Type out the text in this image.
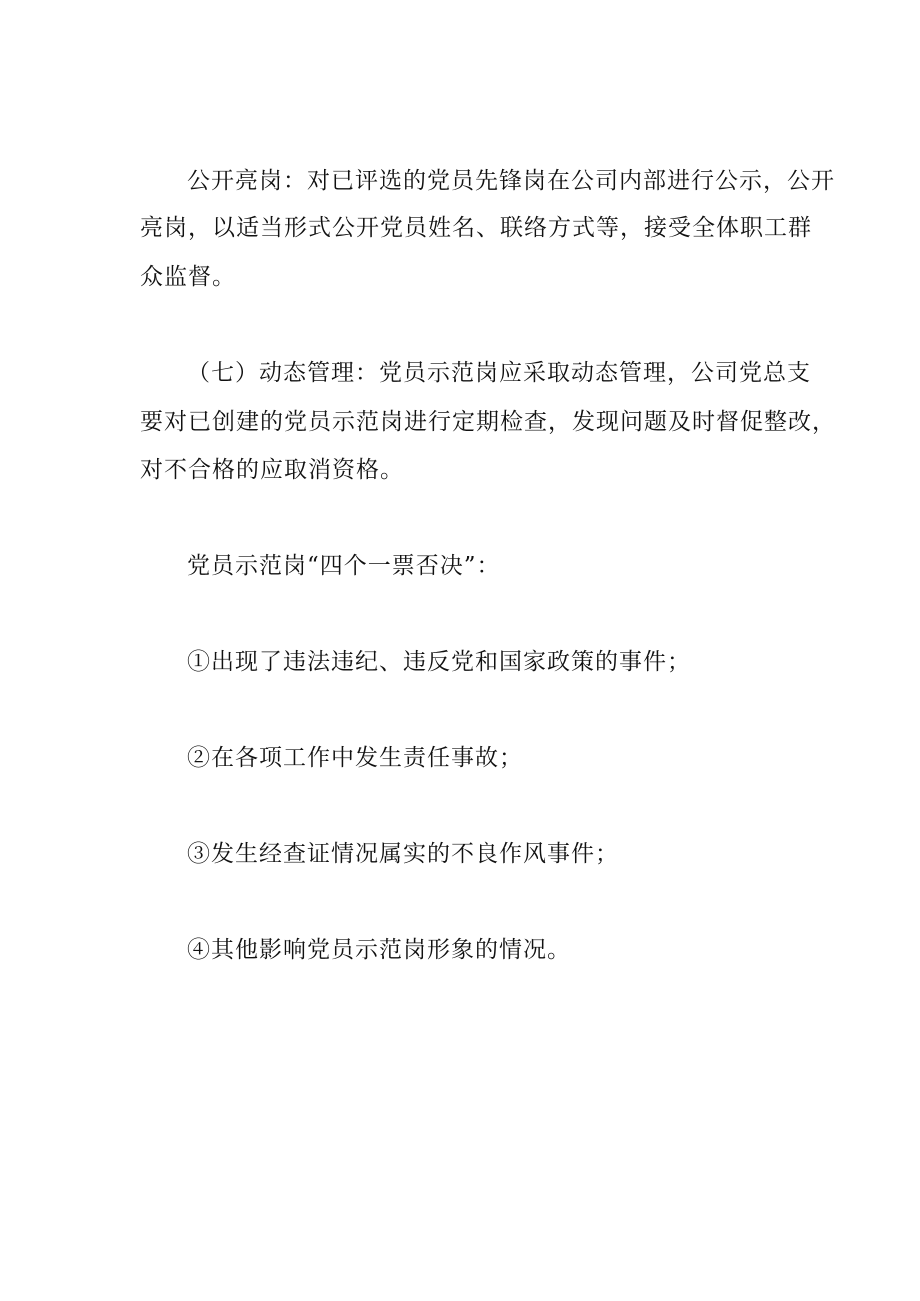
公开亮岗：对已评选的党员先锋岗在公司内部进行公示，公开
亮岗，以适当形式公开党员姓名、联络方式等，接受全体职工群
众监督。
（七）动态管理：党员示范岗应采取动态管理，公司党总支
要对已创建的党员示范岗进行定期检查，发现问题及时督促整改，
对不合格的应取消资格。
党员示范岗“四个一票否决”：
①出现了违法违纪、违反党和国家政策的事件；
②在各项工作中发生责任事故；
③发生经查证情况属实的不良作风事件；
④其他影响党员示范岗形象的情况。
